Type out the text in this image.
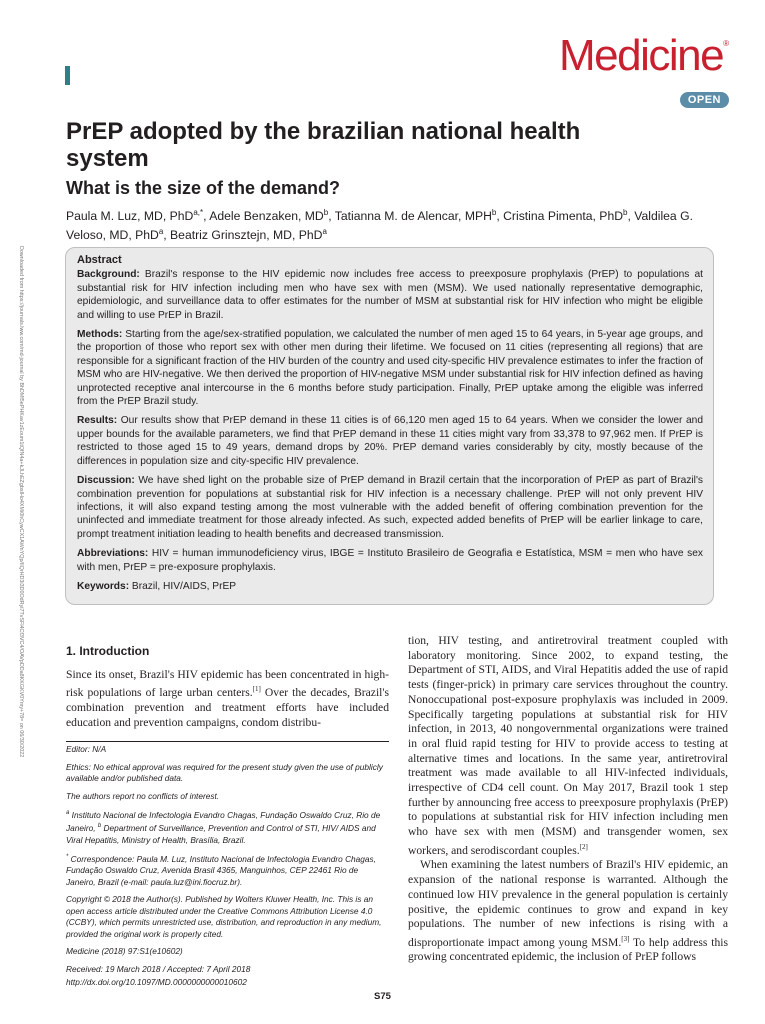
Medicine®
OPEN
PrEP adopted by the brazilian national health system
What is the size of the demand?
Paula M. Luz, MD, PhD$^{a,*}$, Adele Benzaken, $MD^b$, Tatianna M. de Alencar, MPH$^b$, Cristina Pimenta, PhD$^b$, Valdilea G. Veloso, MD, PhD$^a$, Beatriz Grinsztejn, MD, PhD$^a$
Downloaded from https://journals.lww.com/md-journal by BhDMf5ePHKav1zEoum1tQfN4a+kJLhEZgbsIHo4XMi0hCywCX1AWnYQp/IlQrHD3i3D0OdRyi7TvSFl4Cf3VC4/OAVpDDa8KKGKV0Ymy+78= on 06/30/2022	Abstract

Background: Brazil's response to the HIV epidemic now includes free access to preexposure prophylaxis (PrEP) to populations at substantial risk for HIV infection including men who have sex with men (MSM). We used nationally representative demographic, epidemiologic, and surveillance data to offer estimates for the number of MSM at substantial risk for HIV infection who might be eligible and willing to use PrEP in Brazil.

Methods: Starting from the age/sex-stratified population, we calculated the number of men aged 15 to 64 years, in 5-year age groups, and the proportion of those who report sex with other men during their lifetime. We focused on 11 cities (representing all regions) that are responsible for a significant fraction of the HIV burden of the country and used city-specific HIV prevalence estimates to infer the fraction of MSM who are HIV-negative. We then derived the proportion of HIV-negative MSM under substantial risk for HIV infection defined as having unprotected receptive anal intercourse in the 6 months before study participation. Finally, PrEP uptake among the eligible was inferred from the PrEP Brazil study.

Results: Our results show that PrEP demand in these 11 cities is of 66,120 men aged 15 to 64 years. When we consider the lower and upper bounds for the available parameters, we find that PrEP demand in these 11 cities might vary from 33,378 to 97,962 men. If PrEP is restricted to those aged 15 to 49 years, demand drops by 20%. PrEP demand varies considerably by city, mostly because of the differences in population size and city-specific HIV prevalence.

Discussion: We have shed light on the probable size of PrEP demand in Brazil certain that the incorporation of PrEP as part of Brazil's combination prevention for populations at substantial risk for HIV infection is a necessary challenge. PrEP will not only prevent HIV infections, it will also expand testing among the most vulnerable with the added benefit of offering combination prevention for the uninfected and immediate treatment for those already infected. As such, expected added benefits of PrEP will be earlier linkage to care, prompt treatment initiation leading to health benefits and decreased transmission.

Abbreviations: HIV = human immunodeficiency virus, IBGE = Instituto Brasileiro de Geografia e Estatística, MSM = men who have sex with men, PrEP = pre-exposure prophylaxis.

Keywords: Brazil, HIV/AIDS, PrEP

1. Introduction

Since its onset, Brazil's HIV epidemic has been concentrated in high-risk populations of large urban centers.[1] Over the decades, Brazil's combination prevention and treatment efforts have included education and prevention campaigns, condom distribu-

Editor: N/A

Ethics: No ethical approval was required for the present study given the use of publicly available and/or published data.

The authors report no conflicts of interest.

$^a$ Instituto Nacional de Infectologia Evandro Chagas, Fundação Oswaldo Cruz, Rio de Janeiro, $^b$ Department of Surveillance, Prevention and Control of STI, HIV/ AIDS and Viral Hepatitis, Ministry of Health, Brasília, Brazil.

* Correspondence: Paula M. Luz, Instituto Nacional de Infectologia Evandro Chagas, Fundação Oswaldo Cruz, Avenida Brasil 4365, Manguinhos, CEP 22461 Rio de Janeiro, Brazil (e-mail: paula.luz@ini.fiocruz.br).

Copyright © 2018 the Author(s). Published by Wolters Kluwer Health, Inc. This is an open access article distributed under the Creative Commons Attribution License 4.0 (CCBY), which permits unrestricted use, distribution, and reproduction in any medium, provided the original work is properly cited.

Medicine (2018) 97:S1(e10602)

Received: 19 March 2018 / Accepted: 7 April 2018

http://dx.doi.org/10.1097/MD.0000000000010602

tion, HIV testing, and antiretroviral treatment coupled with laboratory monitoring. Since 2002, to expand testing, the Department of STI, AIDS, and Viral Hepatitis added the use of rapid tests (finger-prick) in primary care services throughout the country. Nonoccupational post-exposure prophylaxis was included in 2009. Specifically targeting populations at substantial risk for HIV infection, in 2013, 40 nongovernmental organizations were trained in oral fluid rapid testing for HIV to provide access to testing at alternative times and locations. In the same year, antiretroviral treatment was made available to all HIV-infected individuals, irrespective of CD4 cell count. On May 2017, Brazil took 1 step further by announcing free access to preexposure prophylaxis (PrEP) to populations at substantial risk for HIV infection including men who have sex with men (MSM) and transgender women, sex workers, and serodiscordant couples.[2]

When examining the latest numbers of Brazil's HIV epidemic, an expansion of the national response is warranted. Although the continued low HIV prevalence in the general population is certainly positive, the epidemic continues to grow and expand in key populations. The number of new infections is rising with a disproportionate impact among young MSM.[3] To help address this growing concentrated epidemic, the inclusion of PrEP follows

S75
